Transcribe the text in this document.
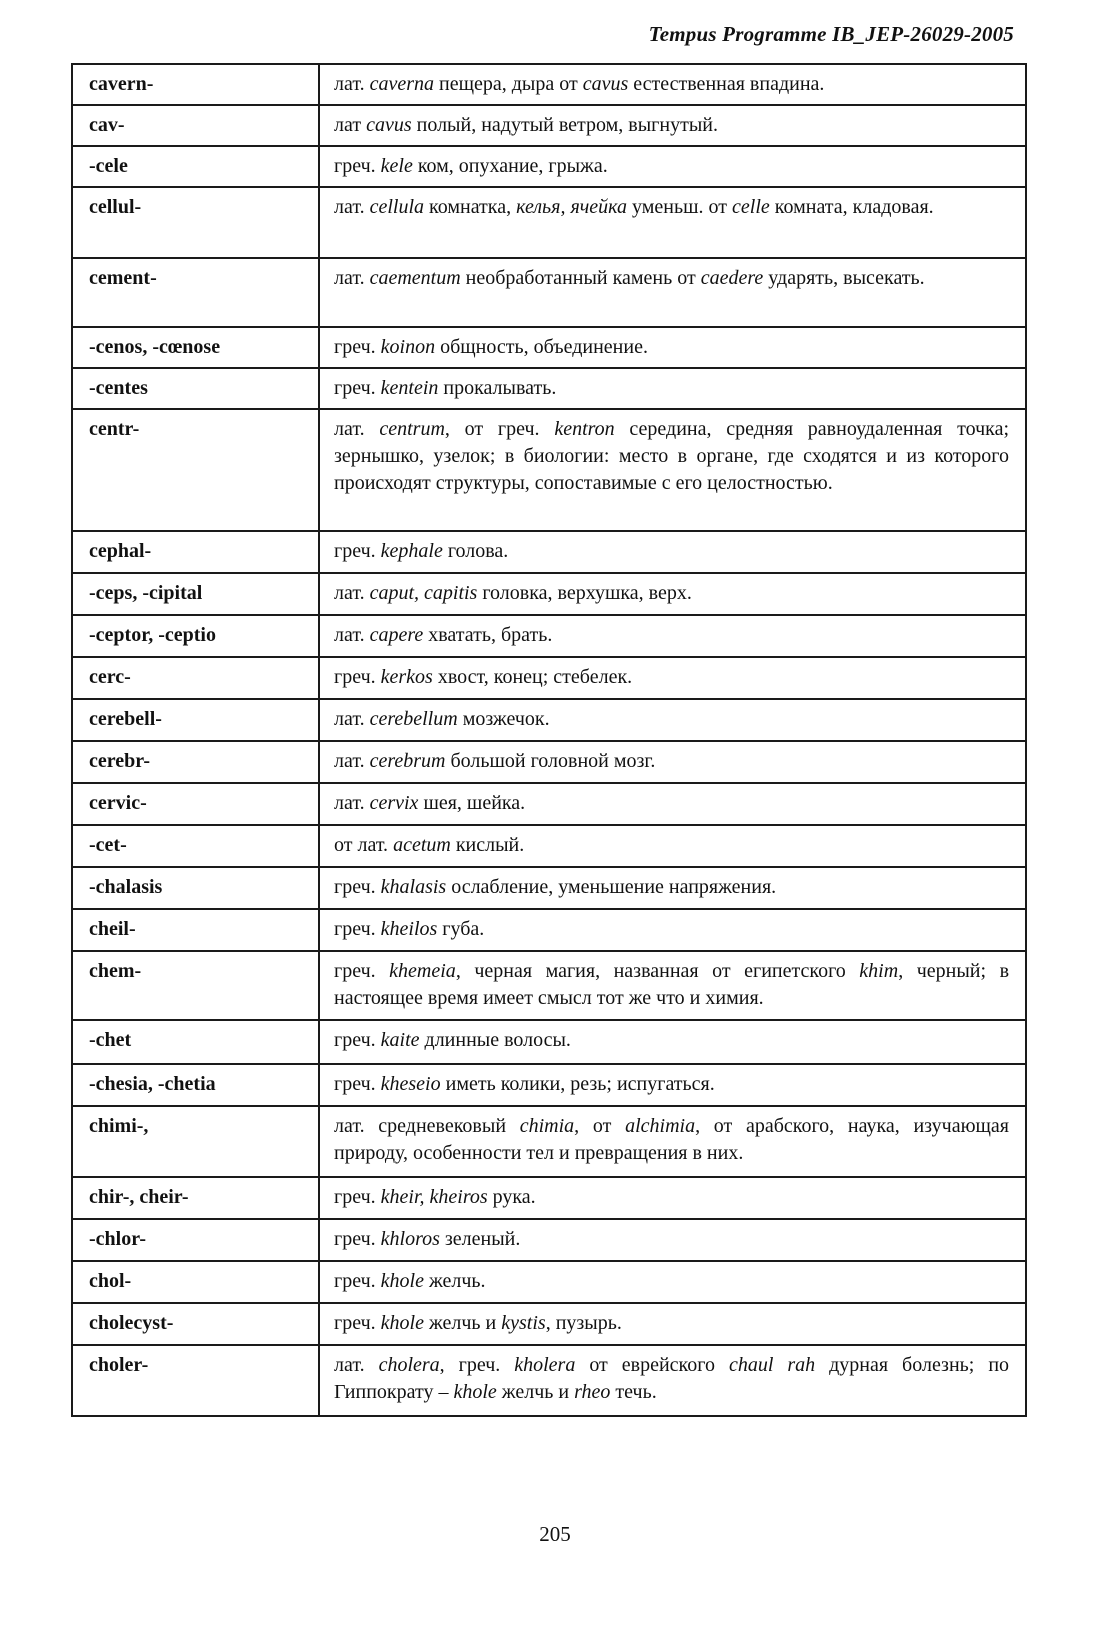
Tempus Programme IB_JEP-26029-2005
cavern-	лат. caverna пещера, дыра от cavus естественная впадина.
cav-	лат cavus полый, надутый ветром, выгнутый.
-cele	греч. kele ком, опухание, грыжа.
cellul-	лат. cellula комнатка, келья, ячейка уменьш. от celle комната, кладовая.
cement-	лат. caementum необработанный камень от caedere ударять, высекать.
-cenos, -cœnose	греч. koinon общность, объединение.
-centes	греч. kentein прокалывать.
centr-	лат. centrum, от греч. kentron середина, средняя равноудаленная точка; зернышко, узелок; в биологии: место в органе, где сходятся и из которого происходят структуры, сопоставимые с его целостностью.
cephal-	греч. kephale голова.
-ceps, -cipital	лат. caput, capitis головка, верхушка, верх.
-ceptor, -ceptio	лат. capere хватать, брать.
cerc-	греч. kerkos хвост, конец; стебелек.
cerebell-	лат. cerebellum мозжечок.
cerebr-	лат. cerebrum большой головной мозг.
cervic-	лат. cervix шея, шейка.
-cet-	от лат. acetum кислый.
-chalasis	греч. khalasis ослабление, уменьшение напряжения.
cheil-	греч. kheilos губа.
chem-	греч. khemeia, черная магия, названная от египетского khim, черный; в настоящее время имеет смысл тот же что и химия.
-chet	греч. kaite длинные волосы.
-chesia, -chetia	греч. kheseio иметь колики, резь; испугаться.
chimi-,	лат. средневековый chimia, от alchimia, от арабского, наука, изучающая природу, особенности тел и превращения в них.
chir-, cheir-	греч. kheir, kheiros рука.
-chlor-	греч. khloros зеленый.
chol-	греч. khole желчь.
cholecyst-	греч. khole желчь и kystis, пузырь.
choler-	лат. cholera, греч. kholera от еврейского chaul rah дурная болезнь; по Гиппократу – khole желчь и rheo течь.
205
